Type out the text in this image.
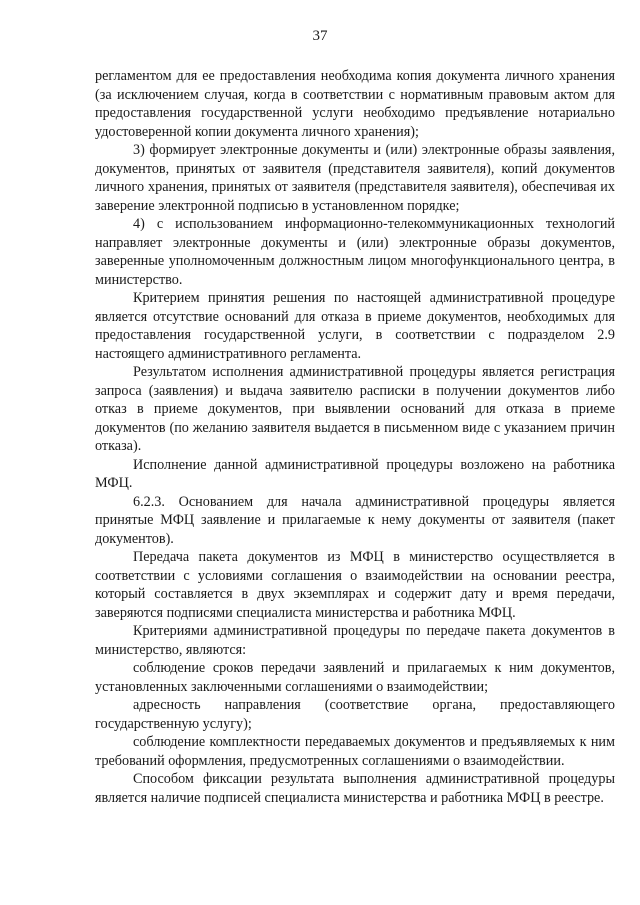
37

регламентом для ее предоставления необходима копия документа личного хранения (за исключением случая, когда в соответствии с нормативным правовым актом для предоставления государственной услуги необходимо предъявление нотариально удостоверенной копии документа личного хранения);

3) формирует электронные документы и (или) электронные образы заявления, документов, принятых от заявителя (представителя заявителя), копий документов личного хранения, принятых от заявителя (представителя заявителя), обеспечивая их заверение электронной подписью в установленном порядке;

4) с использованием информационно-телекоммуникационных технологий направляет электронные документы и (или) электронные образы документов, заверенные уполномоченным должностным лицом многофункционального центра, в министерство.

Критерием принятия решения по настоящей административной процедуре является отсутствие оснований для отказа в приеме документов, необходимых для предоставления государственной услуги, в соответствии с подразделом 2.9 настоящего административного регламента.

Результатом исполнения административной процедуры является регистрация запроса (заявления) и выдача заявителю расписки в получении документов либо отказ в приеме документов, при выявлении оснований для отказа в приеме документов (по желанию заявителя выдается в письменном виде с указанием причин отказа).

Исполнение данной административной процедуры возложено на работника МФЦ.

6.2.3. Основанием для начала административной процедуры является принятые МФЦ заявление и прилагаемые к нему документы от заявителя (пакет документов).

Передача пакета документов из МФЦ в министерство осуществляется в соответствии с условиями соглашения о взаимодействии на основании реестра, который составляется в двух экземплярах и содержит дату и время передачи, заверяются подписями специалиста министерства и работника МФЦ.

Критериями административной процедуры по передаче пакета документов в министерство, являются:

соблюдение сроков передачи заявлений и прилагаемых к ним документов, установленных заключенными соглашениями о взаимодействии;

адресность направления (соответствие органа, предоставляющего государственную услугу);

соблюдение комплектности передаваемых документов и предъявляемых к ним требований оформления, предусмотренных соглашениями о взаимодействии.

Способом фиксации результата выполнения административной процедуры является наличие подписей специалиста министерства и работника МФЦ в реестре.
